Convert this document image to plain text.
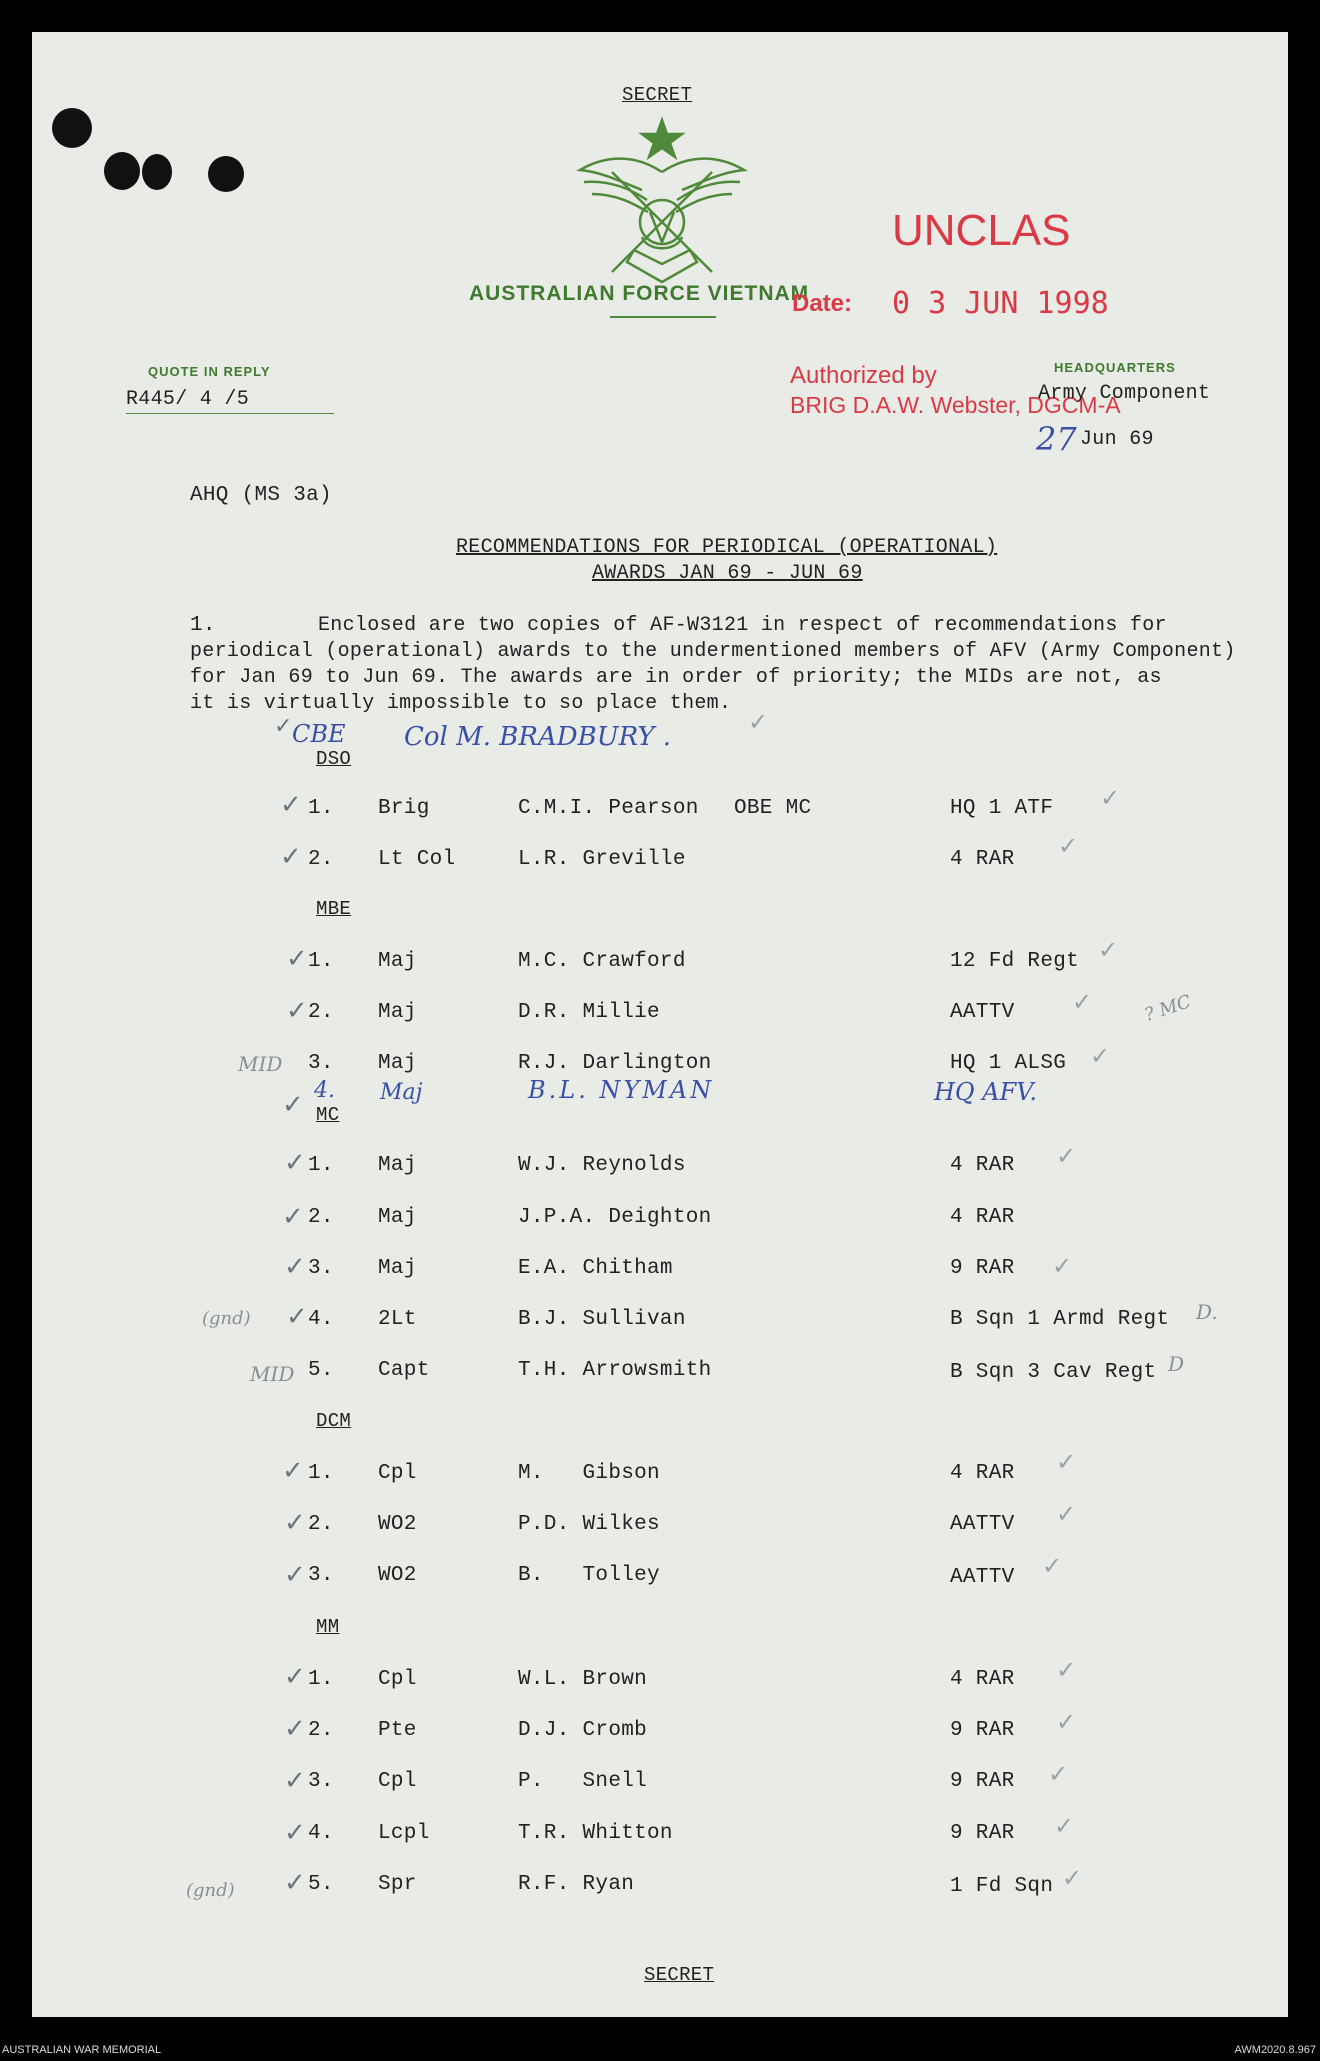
SECRET
AUSTRALIAN FORCE VIETNAM
UNCLAS
Date: 0 3 JUN 1998
QUOTE IN REPLY
R445/ 4 /5
Authorized by
BRIG D.A.W. Webster, DGCM-A
HEADQUARTERS
Army Component
27 Jun 69
AHQ (MS 3a)
RECOMMENDATIONS FOR PERIODICAL (OPERATIONAL)
AWARDS JAN 69 - JUN 69
1.	Enclosed are two copies of AF-W3121 in respect of recommendations for
periodical (operational) awards to the undermentioned members of AFV (Army Component)
for Jan 69 to Jun 69. The awards are in order of priority; the MIDs are not, as
it is virtually impossible to so place them.
CBE Col M. BRADBURY .
DSO
1. Brig	C.M.I. Pearson OBE MC	HQ 1 ATF
2. Lt Col	L.R. Greville	4 RAR
MBE
1. Maj	M.C. Crawford	12 Fd Regt
2. Maj	D.R. Millie	AATTV
3. Maj	R.J. Darlington	HQ 1 ALSG
4. Maj	B.L. NYMAN	HQ AFV.
MC
1. Maj	W.J. Reynolds	4 RAR
2. Maj	J.P.A. Deighton	4 RAR
3. Maj	E.A. Chitham	9 RAR
4. 2Lt	B.J. Sullivan	B Sqn 1 Armd Regt
5. Capt	T.H. Arrowsmith	B Sqn 3 Cav Regt
DCM
1. Cpl	M.   Gibson	4 RAR
2. WO2	P.D. Wilkes	AATTV
3. WO2	B.   Tolley	AATTV
MM
1. Cpl	W.L. Brown	4 RAR
2. Pte	D.J. Cromb	9 RAR
3. Cpl	P.   Snell	9 RAR
4. Lcpl	T.R. Whitton	9 RAR
5. Spr	R.F. Ryan	1 Fd Sqn
SECRET
MID
MID
(gnd)
(gnd)
? MC
D.
D
✓
✓
✓
✓
✓
✓
✓
✓
✓
✓
✓
✓
✓
✓
✓
✓
✓
✓	✓
✓
✓
✓
✓
✓
✓
✓
✓
✓
✓
✓
✓
✓
✓
✓
AUSTRALIAN WAR MEMORIAL	AWM2020.8.967
